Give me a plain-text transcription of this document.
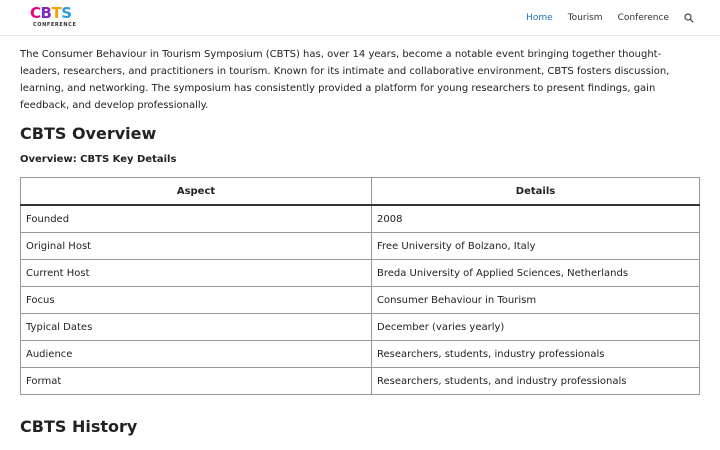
CBTS
CONFERENCE
Home Tourism Conference

The Consumer Behaviour in Tourism Symposium (CBTS) has, over 14 years, become a notable event bringing together thought-leaders, researchers, and practitioners in tourism. Known for its intimate and collaborative environment, CBTS fosters discussion, learning, and networking. The symposium has consistently provided a platform for young researchers to present findings, gain feedback, and develop professionally.

CBTS Overview
Overview: CBTS Key Details
Aspect	Details
Founded	2008
Original Host	Free University of Bolzano, Italy
Current Host	Breda University of Applied Sciences, Netherlands
Focus	Consumer Behaviour in Tourism
Typical Dates	December (varies yearly)
Audience	Researchers, students, industry professionals
Format	Researchers, students, and industry professionals
CBTS History
